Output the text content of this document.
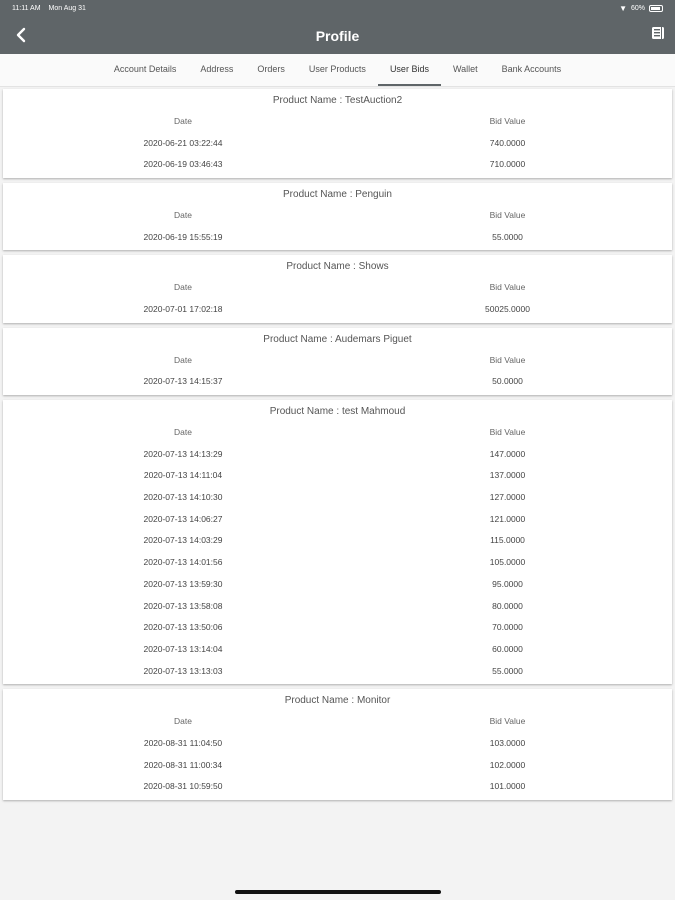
11:11 AM Mon Aug 31	▼ 60%
Profile
Account Details	Address	Orders	User Products	User Bids	Wallet	Bank Accounts
Product Name : TestAuction2
Date	Bid Value
2020-06-21 03:22:44	740.0000
2020-06-19 03:46:43	710.0000
Product Name : Penguin
Date	Bid Value
2020-06-19 15:55:19	55.0000
Product Name : Shows
Date	Bid Value
2020-07-01 17:02:18	50025.0000
Product Name : Audemars Piguet
Date	Bid Value
2020-07-13 14:15:37	50.0000
Product Name : test Mahmoud
Date	Bid Value
2020-07-13 14:13:29	147.0000
2020-07-13 14:11:04	137.0000
2020-07-13 14:10:30	127.0000
2020-07-13 14:06:27	121.0000
2020-07-13 14:03:29	115.0000
2020-07-13 14:01:56	105.0000
2020-07-13 13:59:30	95.0000
2020-07-13 13:58:08	80.0000
2020-07-13 13:50:06	70.0000
2020-07-13 13:14:04	60.0000
2020-07-13 13:13:03	55.0000
Product Name : Monitor
Date	Bid Value
2020-08-31 11:04:50	103.0000
2020-08-31 11:00:34	102.0000
2020-08-31 10:59:50	101.0000
